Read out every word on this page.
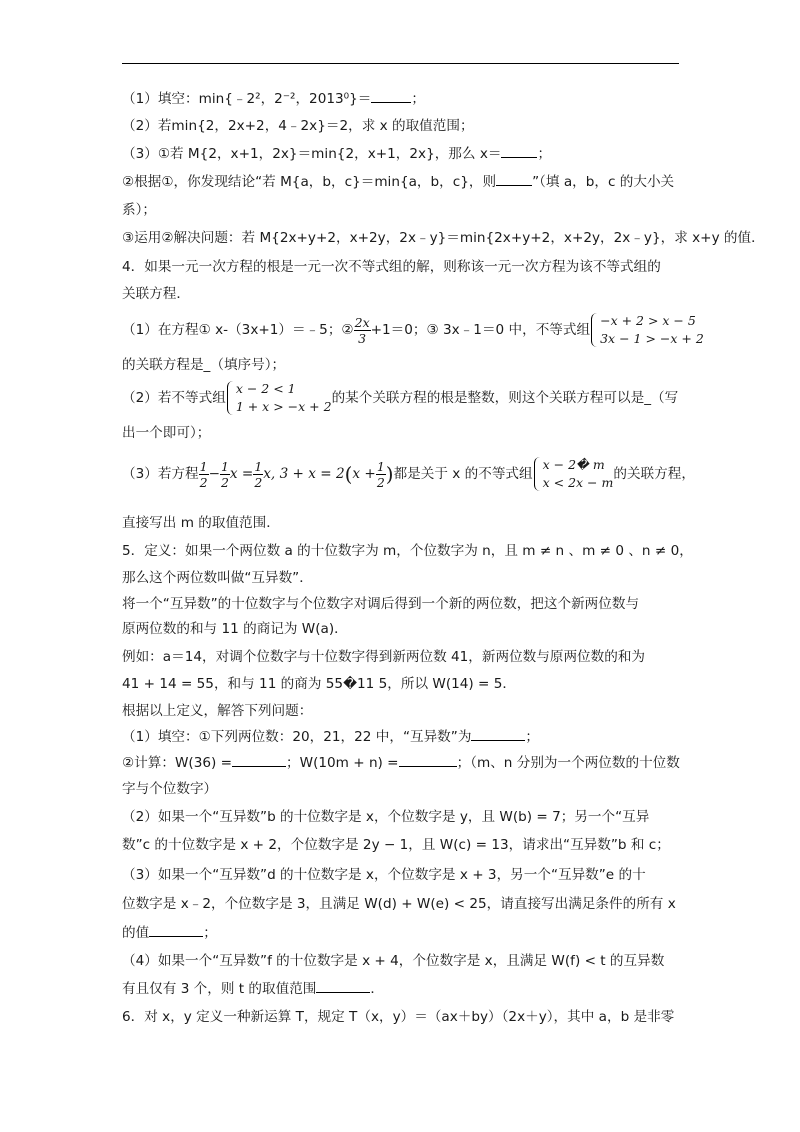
（1）填空：min{﹣2²，2⁻²，2013⁰}＝	；
（2）若min{2，2x+2，4﹣2x}＝2，求 x 的取值范围；
（3）①若 M{2，x+1，2x}＝min{2，x+1，2x}，那么 x＝	；
②根据①，你发现结论“若 M{a，b，c}＝min{a，b，c}，则	”（填 a，b，c 的大小关
系）；
③运用②解决问题：若 M{2x+y+2，x+2y，2x﹣y}＝min{2x+y+2，x+2y，2x﹣y}，求 x+y 的值．
4．如果一元一次方程的根是一元一次不等式组的解，则称该一元一次方程为该不等式组的
关联方程．
（1）在方程① x-（3x+1）＝﹣5；② $\frac{2x}{3} +1=0$；③ 3x﹣1＝0 中，不等式组
−x + 2 > x − 5
3x − 1 > −x + 2
的关联方程是_（填序号）；
（2）若不等式组
x − 2 < 1
1 + x > −x + 2
的某个关联方程的根是整数，则这个关联方程可以是_（写
出一个即可）；
（3）若方程 $\frac{1}{2} - \frac{1}{2}$ $x = \frac{1}{2} x$, $3 + x = 2(x + \frac{1}{2}$ )都是关于 x 的不等式组
x − 2� m
x < 2x − m
的关联方程，
直接写出 m 的取值范围．
5．定义：如果一个两位数 a 的十位数字为 m，个位数字为 n，且 m ≠ n 、m ≠ 0 、n ≠ 0，
那么这个两位数叫做“互异数”．
将一个“互异数”的十位数字与个位数字对调后得到一个新的两位数，把这个新两位数与
原两位数的和与 11 的商记为 W(a)．
例如：a＝14，对调个位数字与十位数字得到新两位数 41，新两位数与原两位数的和为
41 + 14 = 55，和与 11 的商为 55�11 5，所以 W(14) = 5．
根据以上定义，解答下列问题：
（1）填空：①下列两位数：20，21，22 中，“互异数”为	；
②计算：W(36) =	；W(10m + n) =	；（m、n 分别为一个两位数的十位数
字与个位数字）
（2）如果一个“互异数”b 的十位数字是 x，个位数字是 y，且 W(b) = 7；另一个“互异
数”c 的十位数字是 x + 2，个位数字是 2y − 1，且 W(c) = 13，请求出“互异数”b 和 c；
（3）如果一个“互异数”d 的十位数字是 x，个位数字是 x + 3，另一个“互异数”e 的十
位数字是 x﹣2，个位数字是 3，且满足 W(d) + W(e) < 25，请直接写出满足条件的所有 x
的值	；
（4）如果一个“互异数”f 的十位数字是 x + 4，个位数字是 x，且满足 W(f) < t 的互异数
有且仅有 3 个，则 t 的取值范围	．
6．对 x，y 定义一种新运算 T，规定 T（x，y）＝（ax＋by）（2x＋y），其中 a，b 是非零
